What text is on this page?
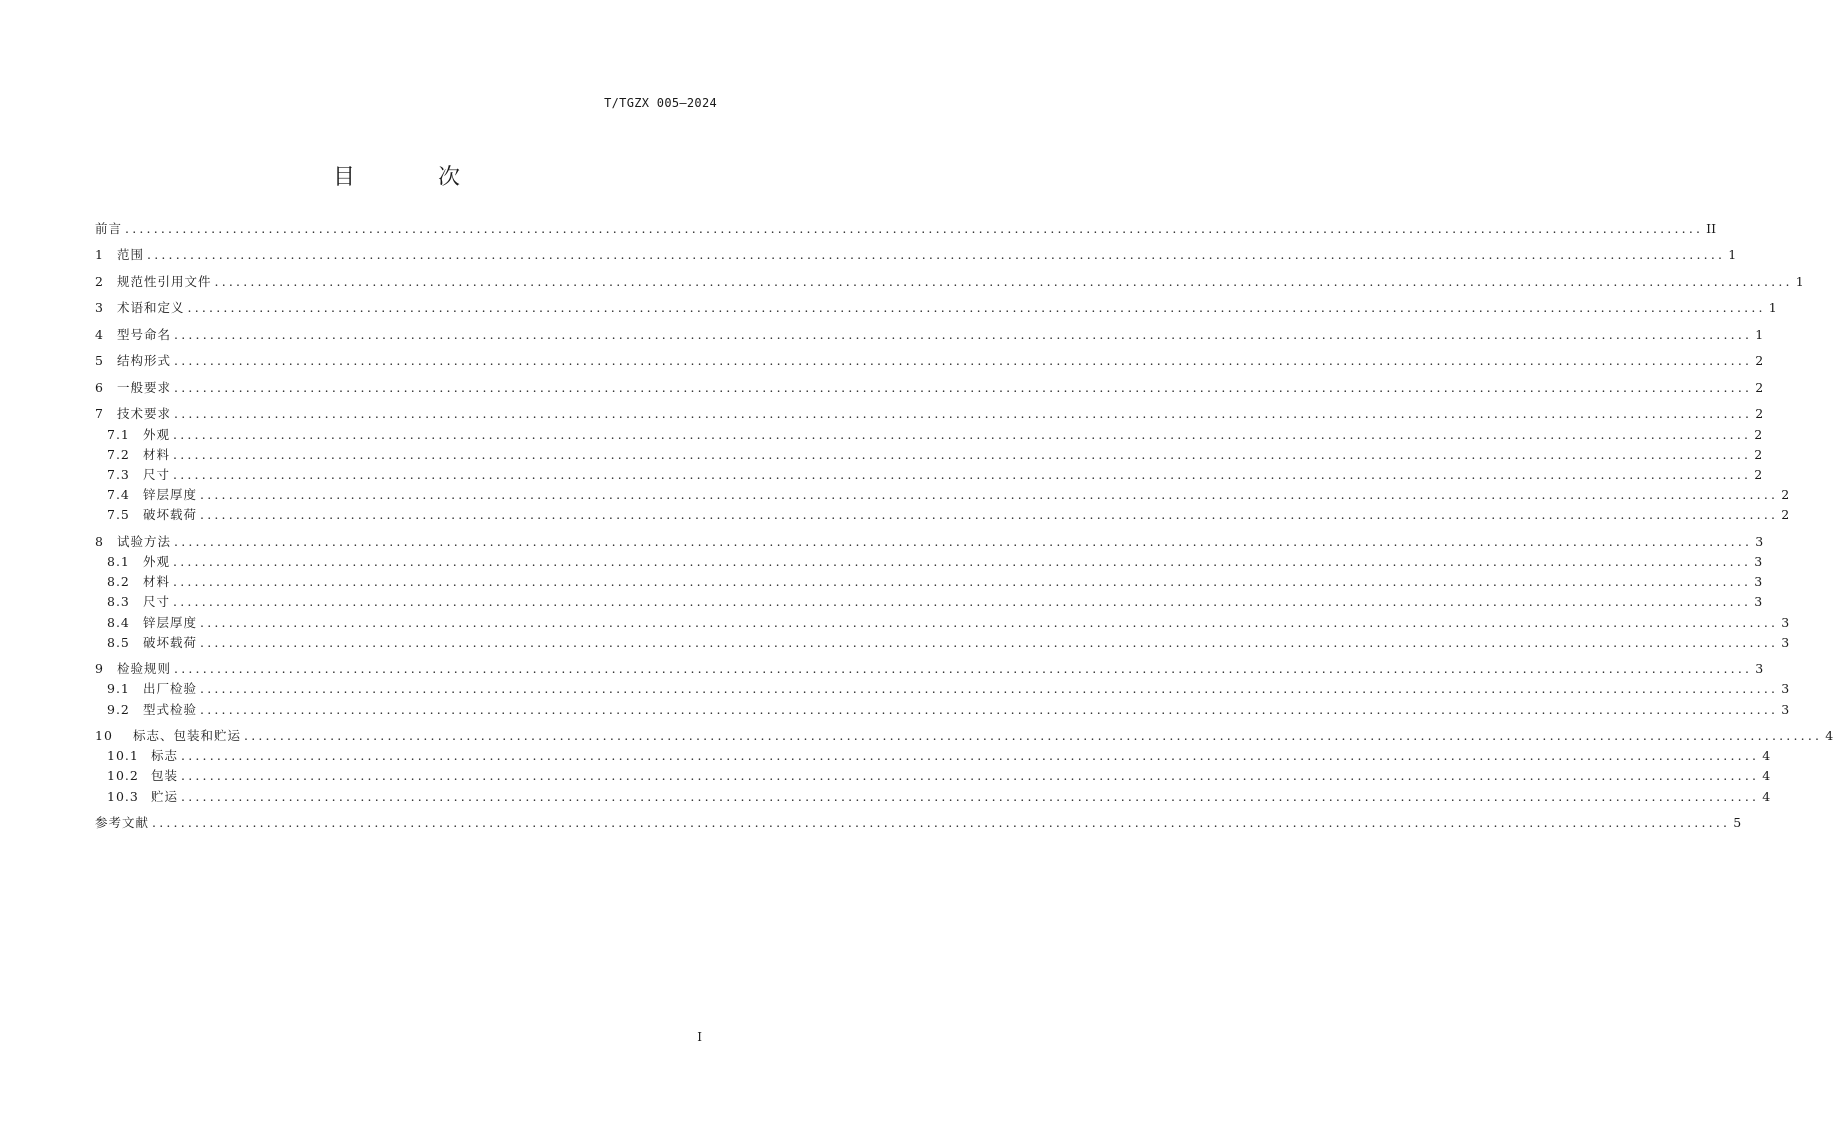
T/TGZX 005—2024
目 次
前言 ............................................................................................................................................................................................................................ II
1 范围 ............................................................................................................................................................................................................................ 1
2 规范性引用文件 ............................................................................................................................................................................................................................ 1
3 术语和定义 ............................................................................................................................................................................................................................ 1
4 型号命名 ............................................................................................................................................................................................................................ 1
5 结构形式 ............................................................................................................................................................................................................................ 2
6 一般要求 ............................................................................................................................................................................................................................ 2
7 技术要求 ............................................................................................................................................................................................................................ 2
7.1 外观 ............................................................................................................................................................................................................................ 2
7.2 材料 ............................................................................................................................................................................................................................ 2
7.3 尺寸 ............................................................................................................................................................................................................................ 2
7.4 锌层厚度 ............................................................................................................................................................................................................................ 2
7.5 破坏载荷 ............................................................................................................................................................................................................................ 2
8 试验方法 ............................................................................................................................................................................................................................ 3
8.1 外观 ............................................................................................................................................................................................................................ 3
8.2 材料 ............................................................................................................................................................................................................................ 3
8.3 尺寸 ............................................................................................................................................................................................................................ 3
8.4 锌层厚度 ............................................................................................................................................................................................................................ 3
8.5 破坏载荷 ............................................................................................................................................................................................................................ 3
9 检验规则 ............................................................................................................................................................................................................................ 3
9.1 出厂检验 ............................................................................................................................................................................................................................ 3
9.2 型式检验 ............................................................................................................................................................................................................................ 3
10 标志、包装和贮运 ............................................................................................................................................................................................................................ 4
10.1 标志 ............................................................................................................................................................................................................................ 4
10.2 包装 ............................................................................................................................................................................................................................ 4
10.3 贮运 ............................................................................................................................................................................................................................ 4
参考文献 ............................................................................................................................................................................................................................ 5
I
